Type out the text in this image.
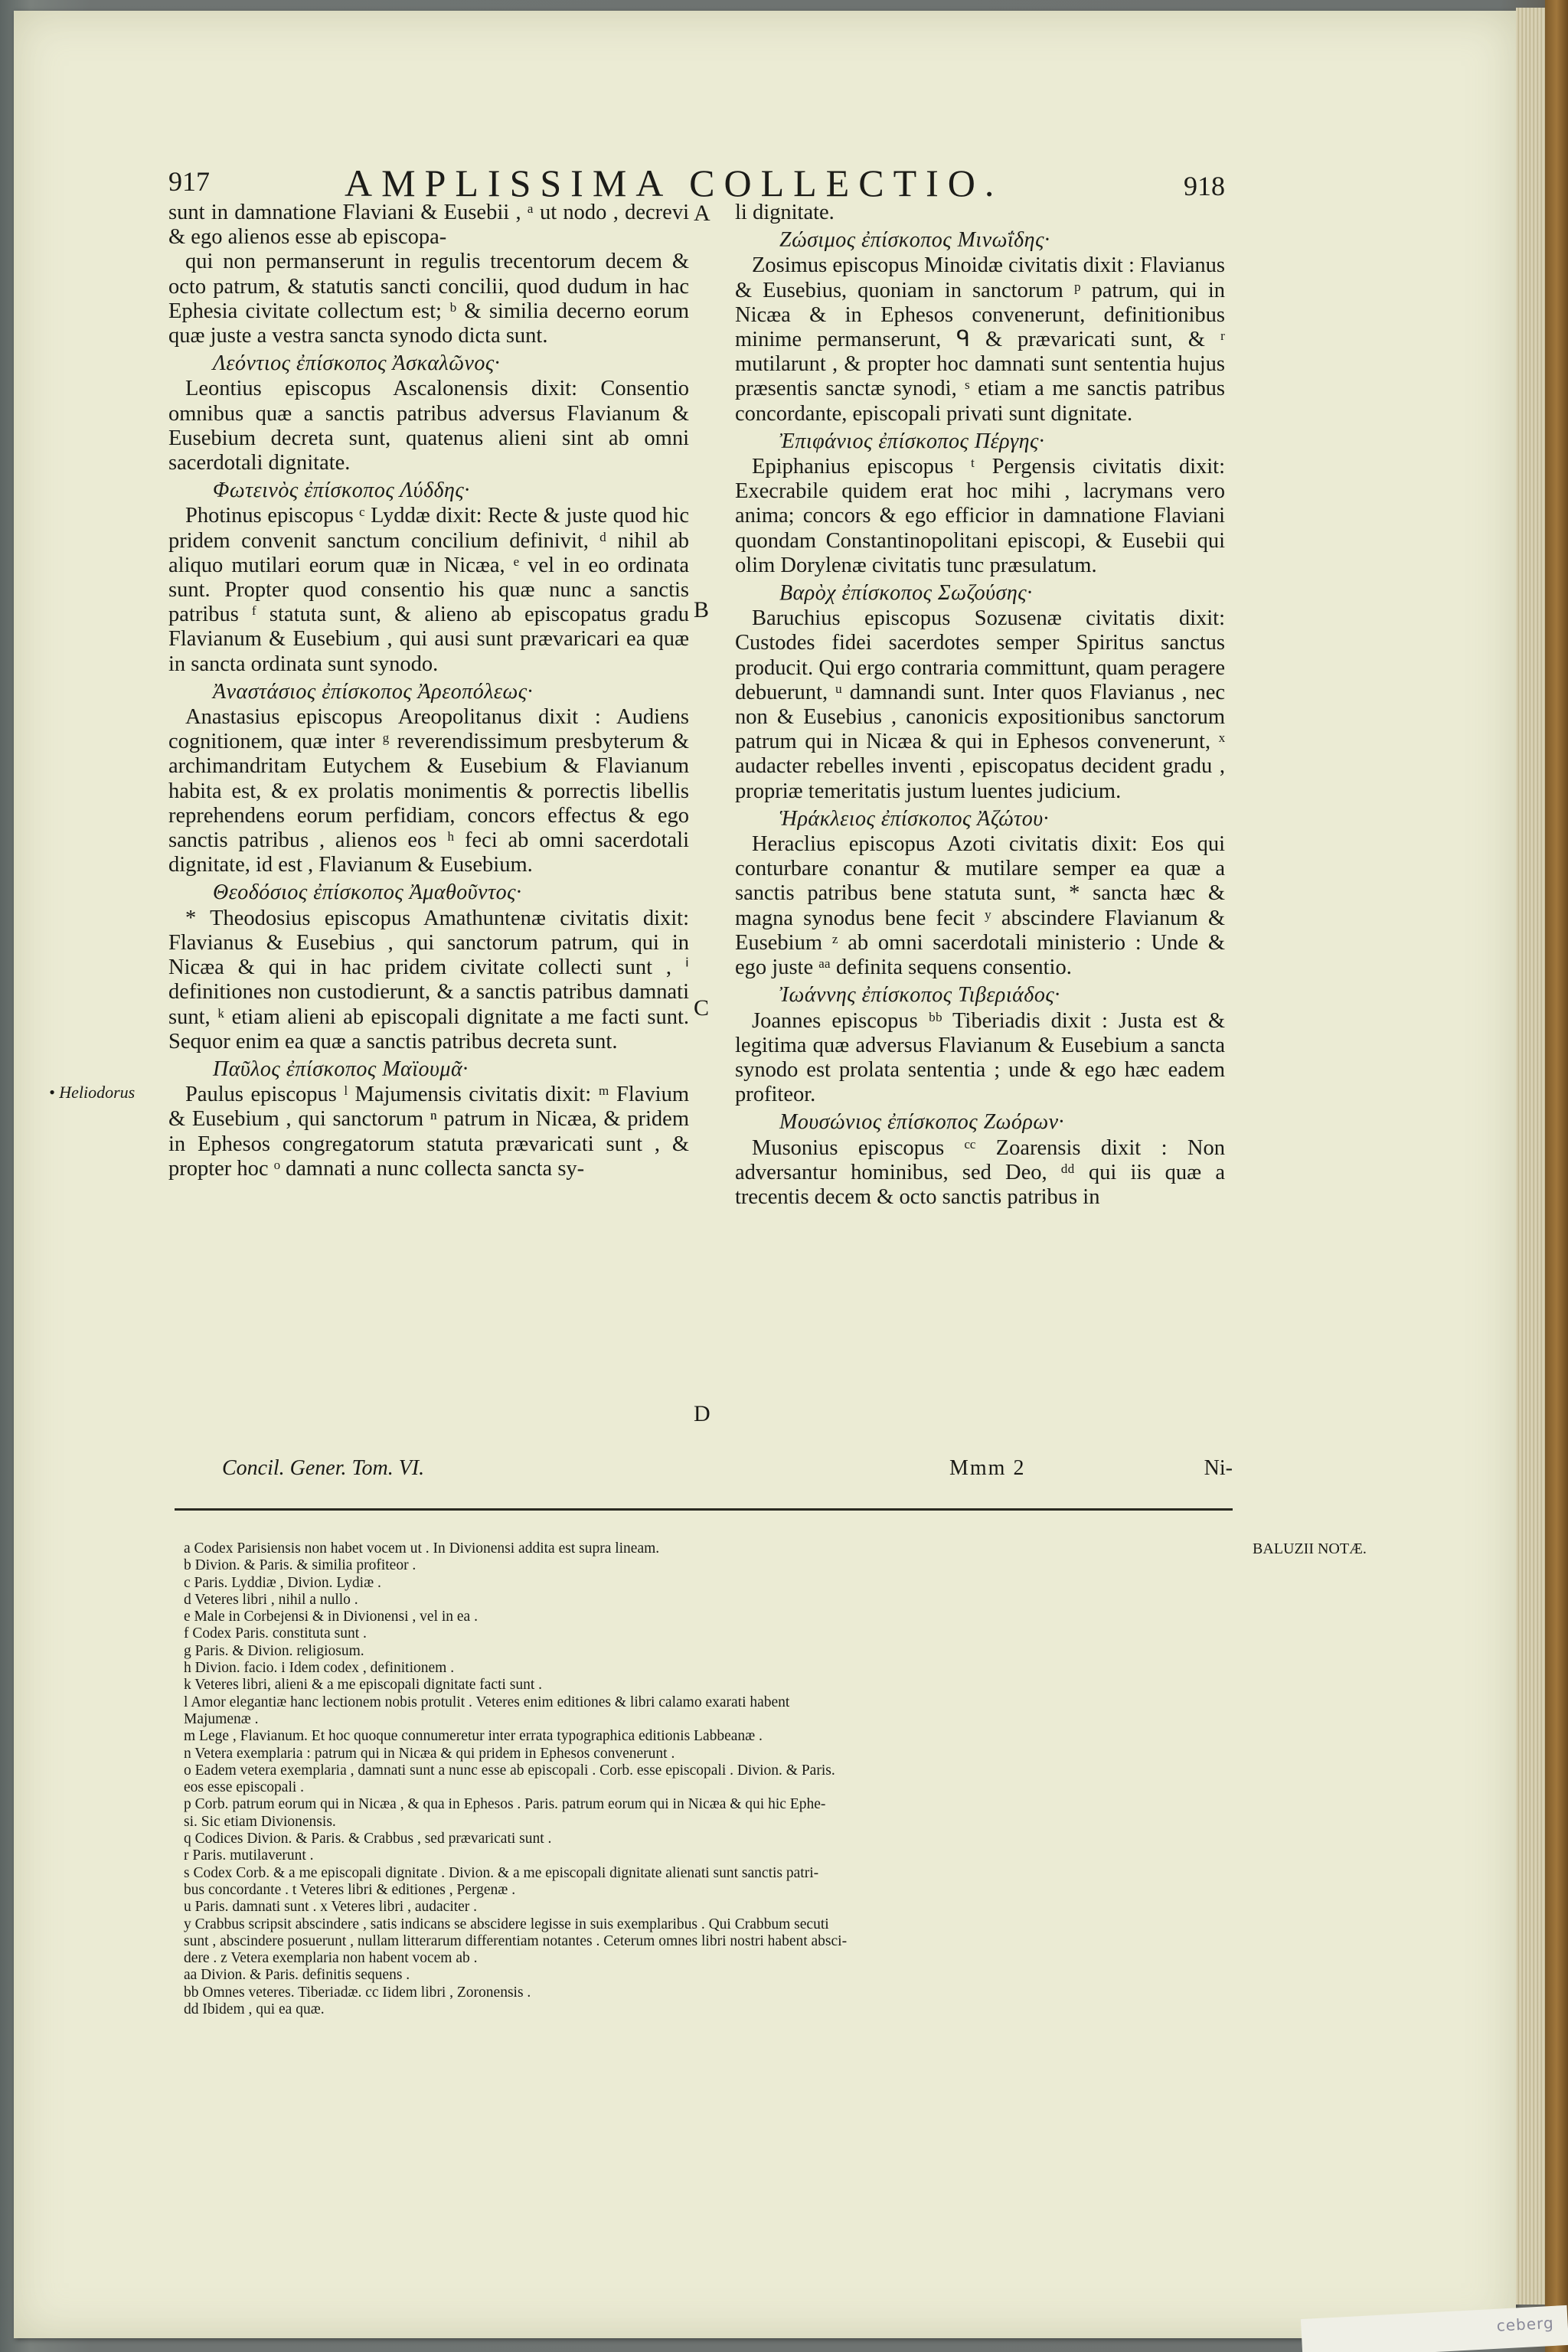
ceberg
917	AMPLISSIMA COLLECTIO.	918

sunt in damnatione Flaviani & Eusebii , ᵃ ut nodo , decrevi & ego alienos esse ab episcopa-

qui non permanserunt in regulis trecentorum decem & octo patrum, & statutis sancti concilii, quod dudum in hac Ephesia civitate collectum est; ᵇ & similia decerno eorum quæ juste a vestra sancta synodo dicta sunt.

Λεόντιος ἐπίσκοπος Ἀσκαλῶνος·

Leontius episcopus Ascalonensis dixit: Consentio omnibus quæ a sanctis patribus adversus Flavianum & Eusebium decreta sunt, quatenus alieni sint ab omni sacerdotali dignitate.

Φωτεινὸς ἐπίσκοπος Λύδδης·

Photinus episcopus ᶜ Lyddæ dixit: Recte & juste quod hic pridem convenit sanctum concilium definivit, ᵈ nihil ab aliquo mutilari eorum quæ in Nicæa, ᵉ vel in eo ordinata sunt. Propter quod consentio his quæ nunc a sanctis patribus ᶠ statuta sunt, & alieno ab episcopatus gradu Flavianum & Eusebium , qui ausi sunt prævaricari ea quæ in sancta ordinata sunt synodo.

Ἀναστάσιος ἐπίσκοπος Ἀρεοπόλεως·

Anastasius episcopus Areopolitanus dixit : Audiens cognitionem, quæ inter ᵍ reverendissimum presbyterum & archimandritam Eutychem & Eusebium & Flavianum habita est, & ex prolatis monimentis & porrectis libellis reprehendens eorum perfidiam, concors effectus & ego sanctis patribus , alienos eos ʰ feci ab omni sacerdotali dignitate, id est , Flavianum & Eusebium.

Θεοδόσιος ἐπίσκοπος Ἀμαθοῦντος·

* Theodosius episcopus Amathuntenæ civitatis dixit: Flavianus & Eusebius , qui sanctorum patrum, qui in Nicæa & qui in hac pridem civitate collecti sunt , ⁱ definitiones non custodierunt, & a sanctis patribus damnati sunt, ᵏ etiam alieni ab episcopali dignitate a me facti sunt. Sequor enim ea quæ a sanctis patribus decreta sunt.

Παῦλος ἐπίσκοπος Μαϊουμᾶ·

Paulus episcopus ˡ Majumensis civitatis dixit: ᵐ Flavium & Eusebium , qui sanctorum ⁿ patrum in Nicæa, & pridem in Ephesos congregatorum statuta prævaricati sunt , & propter hoc ᵒ damnati a nunc collecta sancta sy-

li dignitate.

Ζώσιμος ἐπίσκοπος Μινωΐδης·

Zosimus episcopus Minoidæ civitatis dixit : Flavianus & Eusebius, quoniam in sanctorum ᵖ patrum, qui in Nicæa & in Ephesos convenerunt, definitionibus minime permanserunt, ᑫ & prævaricati sunt, & ʳ mutilarunt , & propter hoc damnati sunt sententia hujus præsentis sanctæ synodi, ˢ etiam a me sanctis patribus concordante, episcopali privati sunt dignitate.

Ἐπιφάνιος ἐπίσκοπος Πέργης·

Epiphanius episcopus ᵗ Pergensis civitatis dixit: Execrabile quidem erat hoc mihi , lacrymans vero anima; concors & ego efficior in damnatione Flaviani quondam Constantinopolitani episcopi, & Eusebii qui olim Dorylenæ civitatis tunc præsulatum.

Βαρὸχ ἐπίσκοπος Σωζούσης·

Baruchius episcopus Sozusenæ civitatis dixit: Custodes fidei sacerdotes semper Spiritus sanctus producit. Qui ergo contraria committunt, quam peragere debuerunt, ᵘ damnandi sunt. Inter quos Flavianus , nec non & Eusebius , canonicis expositionibus sanctorum patrum qui in Nicæa & qui in Ephesos convenerunt, ˣ audacter rebelles inventi , episcopatus decident gradu , propriæ temeritatis justum luentes judicium.

Ἡράκλειος ἐπίσκοπος Ἀζώτου·

Heraclius episcopus Azoti civitatis dixit: Eos qui conturbare conantur & mutilare semper ea quæ a sanctis patribus bene statuta sunt, * sancta hæc & magna synodus bene fecit ʸ abscindere Flavianum & Eusebium ᶻ ab omni sacerdotali ministerio : Unde & ego juste ᵃᵃ definita sequens consentio.

Ἰωάννης ἐπίσκοπος Τιβεριάδος·

Joannes episcopus ᵇᵇ Tiberiadis dixit : Justa est & legitima quæ adversus Flavianum & Eusebium a sancta synodo est prolata sententia ; unde & ego hæc eadem profiteor.

Μουσώνιος ἐπίσκοπος Ζωόρων·

Musonius episcopus ᶜᶜ Zoarensis dixit : Non adversantur hominibus, sed Deo, ᵈᵈ qui iis quæ a trecentis decem & octo sanctis patribus in

A
B
C
D
• Heliodorus
Concil. Gener. Tom. VI.	Mmm 2	Ni-

a Codex Parisiensis non habet vocem ut . In Divionensi addita est supra lineam.

b Divion. & Paris. & similia profiteor .

c Paris. Lyddiæ , Divion. Lydiæ .

d Veteres libri , nihil a nullo .

e Male in Corbejensi & in Divionensi , vel in ea .

f Codex Paris. constituta sunt .

g Paris. & Divion. religiosum.

h Divion. facio. i Idem codex , definitionem .

k Veteres libri, alieni & a me episcopali dignitate facti sunt .

l Amor elegantiæ hanc lectionem nobis protulit . Veteres enim editiones & libri calamo exarati habent

Majumenæ .

m Lege , Flavianum. Et hoc quoque connumeretur inter errata typographica editionis Labbeanæ .

n Vetera exemplaria : patrum qui in Nicæa & qui pridem in Ephesos convenerunt .

o Eadem vetera exemplaria , damnati sunt a nunc esse ab episcopali . Corb. esse episcopali . Divion. & Paris.

eos esse episcopali .

p Corb. patrum eorum qui in Nicæa , & qua in Ephesos . Paris. patrum eorum qui in Nicæa & qui hic Ephe-

si. Sic etiam Divionensis.

q Codices Divion. & Paris. & Crabbus , sed prævaricati sunt .

r Paris. mutilaverunt .

s Codex Corb. & a me episcopali dignitate . Divion. & a me episcopali dignitate alienati sunt sanctis patri-

bus concordante . t Veteres libri & editiones , Pergenæ .

u Paris. damnati sunt . x Veteres libri , audaciter .

y Crabbus scripsit abscindere , satis indicans se abscidere legisse in suis exemplaribus . Qui Crabbum secuti

sunt , abscindere posuerunt , nullam litterarum differentiam notantes . Ceterum omnes libri nostri habent absci-

dere . z Vetera exemplaria non habent vocem ab .

aa Divion. & Paris. definitis sequens .

bb Omnes veteres. Tiberiadæ. cc Iidem libri , Zoronensis .

dd Ibidem , qui ea quæ.

BALUZII NOTÆ.
